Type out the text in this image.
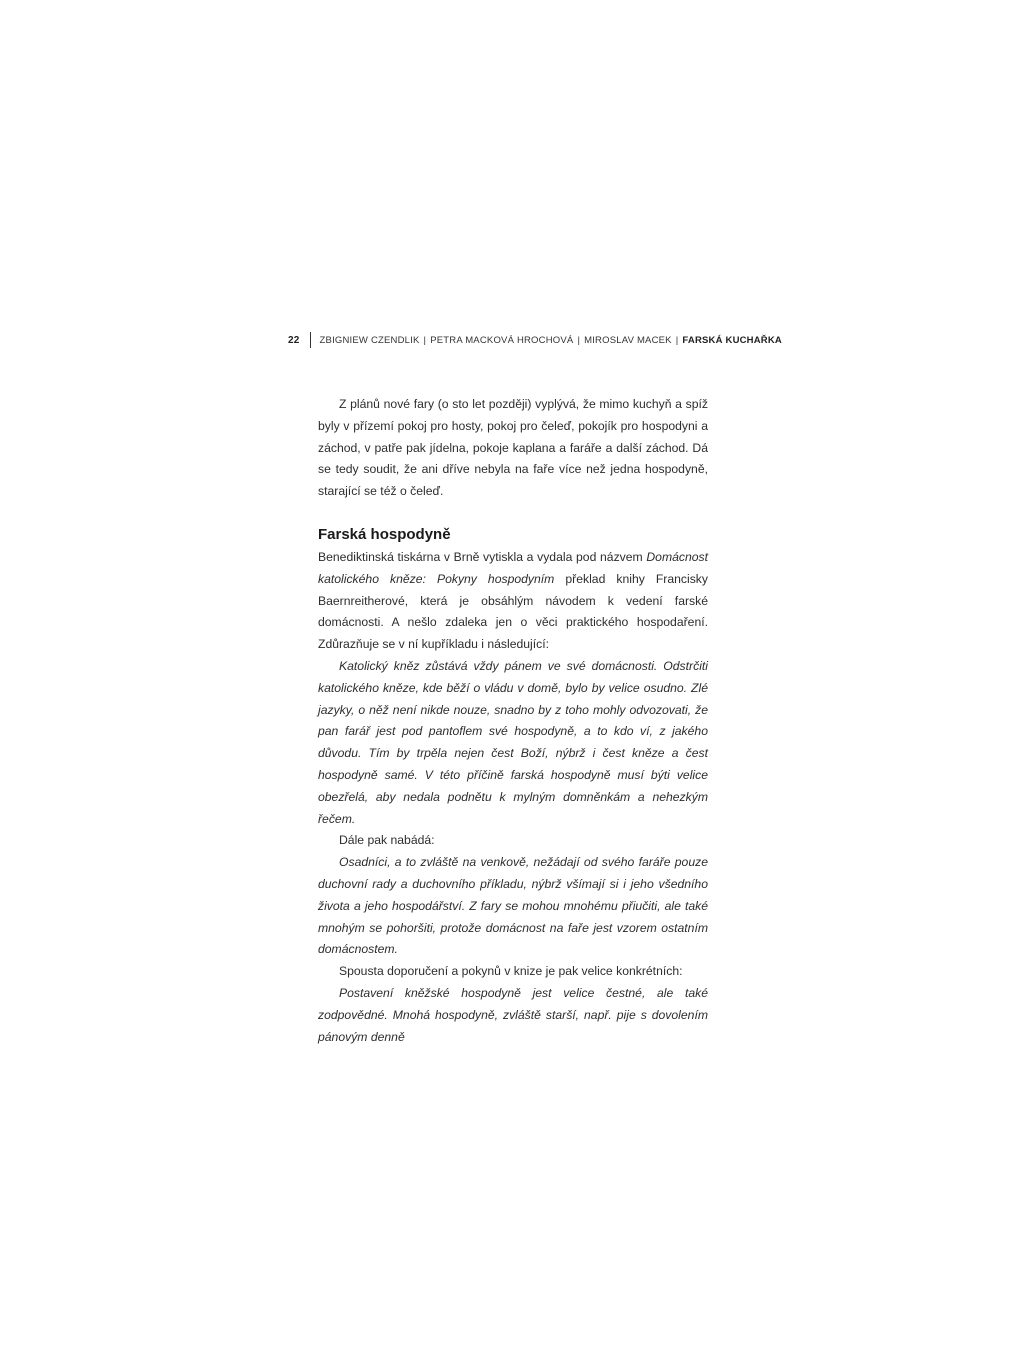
22 ZBIGNIEW CZENDLIK | PETRA MACKOVÁ HROCHOVÁ | MIROSLAV MACEK | FARSKÁ KUCHAŘKA

Z plánů nové fary (o sto let později) vyplývá, že mimo kuchyň a spíž byly v přízemí pokoj pro hosty, pokoj pro čeleď, pokojík pro hospodyni a záchod, v patře pak jídelna, pokoje kaplana a faráře a další záchod. Dá se tedy soudit, že ani dříve nebyla na faře více než jedna hospodyně, starající se též o čeleď.

Farská hospodyně

Benediktinská tiskárna v Brně vytiskla a vydala pod názvem Domácnost katolického kněze: Pokyny hospodyním překlad knihy Francisky Baernreitherové, která je obsáhlým návodem k vedení farské domácnosti. A nešlo zdaleka jen o věci praktického hospodaření. Zdůrazňuje se v ní kupříkladu i následující:

Katolický kněz zůstává vždy pánem ve své domácnosti. Odstrčiti katolického kněze, kde běží o vládu v domě, bylo by velice osudno. Zlé jazyky, o něž není nikde nouze, snadno by z toho mohly odvozovati, že pan farář jest pod pantoflem své hospodyně, a to kdo ví, z jakého důvodu. Tím by trpěla nejen čest Boží, nýbrž i čest kněze a čest hospodyně samé. V této příčině farská hospodyně musí býti velice obezřelá, aby nedala podnětu k mylným domněnkám a nehezkým řečem.

Dále pak nabádá:

Osadníci, a to zvláště na venkově, nežádají od svého faráře pouze duchovní rady a duchovního příkladu, nýbrž všímají si i jeho všedního života a jeho hospodářství. Z fary se mohou mnohému přiučiti, ale také mnohým se pohoršiti, protože domácnost na faře jest vzorem ostatním domácnostem.

Spousta doporučení a pokynů v knize je pak velice konkrétních:

Postavení kněžské hospodyně jest velice čestné, ale také zodpovědné. Mnohá hospodyně, zvláště starší, např. pije s dovolením pánovým denně
